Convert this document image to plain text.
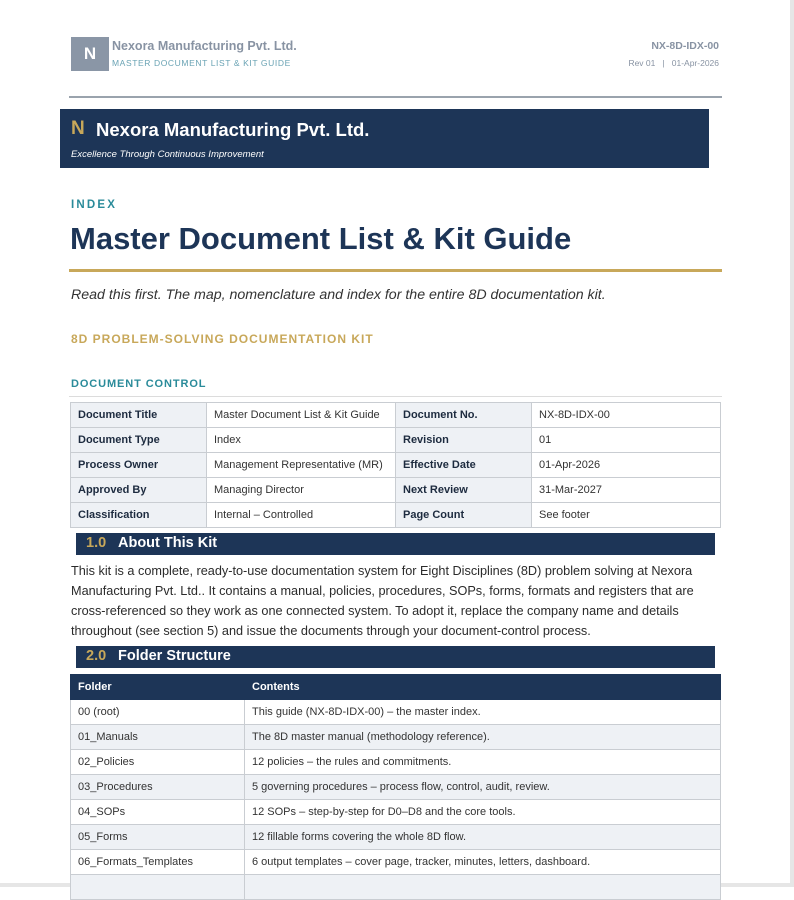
N Nexora Manufacturing Pvt. Ltd.
MASTER DOCUMENT LIST & KIT GUIDE
NX-8D-IDX-00
Rev 01   |   01-Apr-2026
N Nexora Manufacturing Pvt. Ltd.
Excellence Through Continuous Improvement
INDEX
Master Document List & Kit Guide
Read this first. The map, nomenclature and index for the entire 8D documentation kit.
8D PROBLEM-SOLVING DOCUMENTATION KIT
DOCUMENT CONTROL
Document Title	Master Document List & Kit Guide	Document No.	NX-8D-IDX-00
Document Type	Index	Revision	01
Process Owner	Management Representative (MR)	Effective Date	01-Apr-2026
Approved By	Managing Director	Next Review	31-Mar-2027
Classification	Internal – Controlled	Page Count	See footer
1.0 About This Kit
This kit is a complete, ready-to-use documentation system for Eight Disciplines (8D) problem solving at Nexora Manufacturing Pvt. Ltd.. It contains a manual, policies, procedures, SOPs, forms, formats and registers that are cross-referenced so they work as one connected system. To adopt it, replace the company name and details throughout (see section 5) and issue the documents through your document-control process.
2.0 Folder Structure
Folder	Contents
00 (root)	This guide (NX-8D-IDX-00) – the master index.
01_Manuals	The 8D master manual (methodology reference).
02_Policies	12 policies – the rules and commitments.
03_Procedures	5 governing procedures – process flow, control, audit, review.
04_SOPs	12 SOPs – step-by-step for D0–D8 and the core tools.
05_Forms	12 fillable forms covering the whole 8D flow.
06_Formats_Templates	6 output templates – cover page, tracker, minutes, letters, dashboard.
